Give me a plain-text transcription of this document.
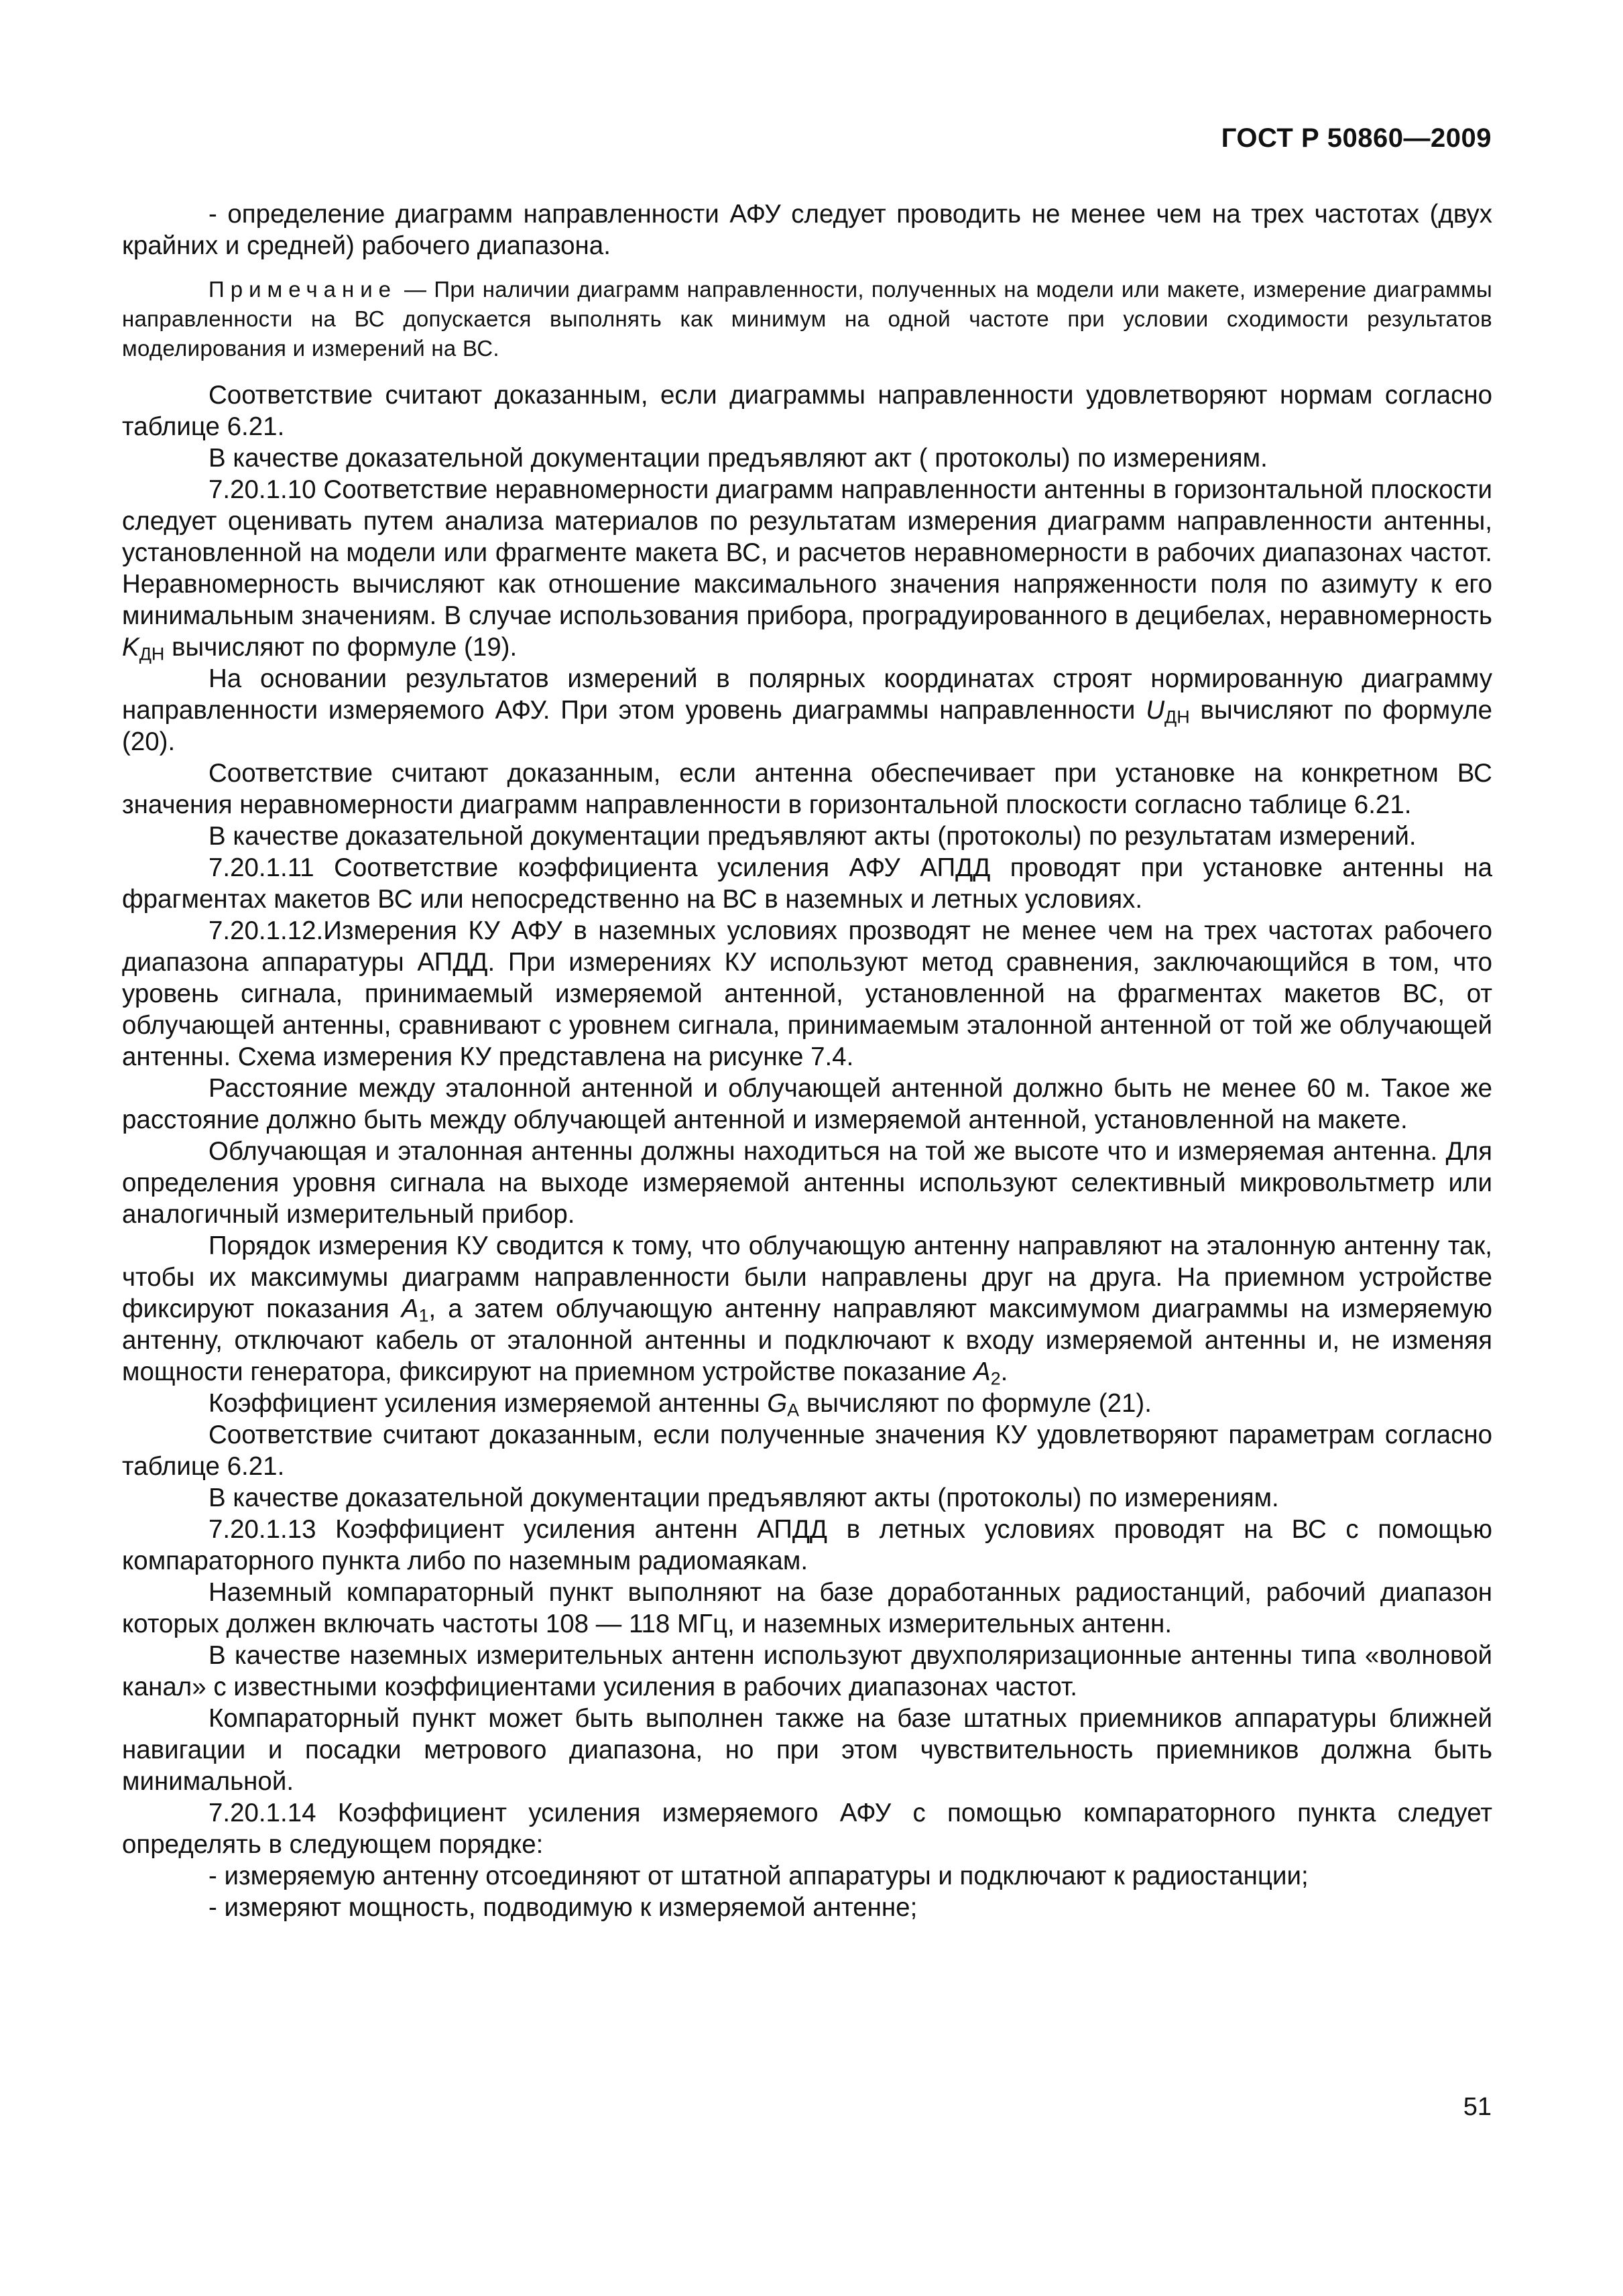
ГОСТ Р 50860—2009

- определение диаграмм направленности АФУ следует проводить не менее чем на трех частотах (двух крайних и средней) рабочего диапазона.

Примечание — При наличии диаграмм направленности, полученных на модели или макете, измерение диаграммы направленности на ВС допускается выполнять как минимум на одной частоте при условии сходимости результатов моделирования и измерений на ВС.

Соответствие считают доказанным, если диаграммы направленности удовлетворяют нормам согласно таблице 6.21.

В качестве доказательной документации предъявляют акт ( протоколы) по измерениям.

7.20.1.10 Соответствие неравномерности диаграмм направленности антенны в горизонтальной плоскости следует оценивать путем анализа материалов по результатам измерения диаграмм направленности антенны, установленной на модели или фрагменте макета ВС, и расчетов неравномерности в рабочих диапазонах частот. Неравномерность вычисляют как отношение максимального значения напряженности поля по азимуту к его минимальным значениям. В случае использования прибора, проградуированного в децибелах, неравномерность $K_{ДН}$ вычисляют по формуле (19).

На основании результатов измерений в полярных координатах строят нормированную диаграмму направленности измеряемого АФУ. При этом уровень диаграммы направленности $U_{ДН}$ вычисляют по формуле (20).

Соответствие считают доказанным, если антенна обеспечивает при установке на конкретном ВС значения неравномерности диаграмм направленности в горизонтальной плоскости согласно таблице 6.21.

В качестве доказательной документации предъявляют акты (протоколы) по результатам измерений.

7.20.1.11 Соответствие коэффициента усиления АФУ АПДД проводят при установке антенны на фрагментах макетов ВС или непосредственно на ВС в наземных и летных условиях.

7.20.1.12.Измерения КУ АФУ в наземных условиях прозводят не менее чем на трех частотах рабочего диапазона аппаратуры АПДД. При измерениях КУ используют метод сравнения, заключающийся в том, что уровень сигнала, принимаемый измеряемой антенной, установленной на фрагментах макетов ВС, от облучающей антенны, сравнивают с уровнем сигнала, принимаемым эталонной антенной от той же облучающей антенны. Схема измерения КУ представлена на рисунке 7.4.

Расстояние между эталонной антенной и облучающей антенной должно быть не менее 60 м. Такое же расстояние должно быть между облучающей антенной и измеряемой антенной, установленной на макете.

Облучающая и эталонная антенны должны находиться на той же высоте что и измеряемая антенна. Для определения уровня сигнала на выходе измеряемой антенны используют селективный микровольтметр или аналогичный измерительный прибор.

Порядок измерения КУ сводится к тому, что облучающую антенну направляют на эталонную антенну так, чтобы их максимумы диаграмм направленности были направлены друг на друга. На приемном устройстве фиксируют показания $A_1$, а затем облучающую антенну направляют максимумом диаграммы на измеряемую антенну, отключают кабель от эталонной антенны и подключают к входу измеряемой антенны и, не изменяя мощности генератора, фиксируют на приемном устройстве показание $A_2$.

Коэффициент усиления измеряемой антенны $G_А$ вычисляют по формуле (21).

Соответствие считают доказанным, если полученные значения КУ удовлетворяют параметрам согласно таблице 6.21.

В качестве доказательной документации предъявляют акты (протоколы) по измерениям.

7.20.1.13 Коэффициент усиления антенн АПДД в летных условиях проводят на ВС с помощью компараторного пункта либо по наземным радиомаякам.

Наземный компараторный пункт выполняют на базе доработанных радиостанций, рабочий диапазон которых должен включать частоты 108 — 118 МГц, и наземных измерительных антенн.

В качестве наземных измерительных антенн используют двухполяризационные антенны типа «волновой канал» с известными коэффициентами усиления в рабочих диапазонах частот.

Компараторный пункт может быть выполнен также на базе штатных приемников аппаратуры ближней навигации и посадки метрового диапазона, но при этом чувствительность приемников должна быть минимальной.

7.20.1.14 Коэффициент усиления измеряемого АФУ с помощью компараторного пункта следует определять в следующем порядке:

- измеряемую антенну отсоединяют от штатной аппаратуры и подключают к радиостанции;

- измеряют мощность, подводимую к измеряемой антенне;

51
